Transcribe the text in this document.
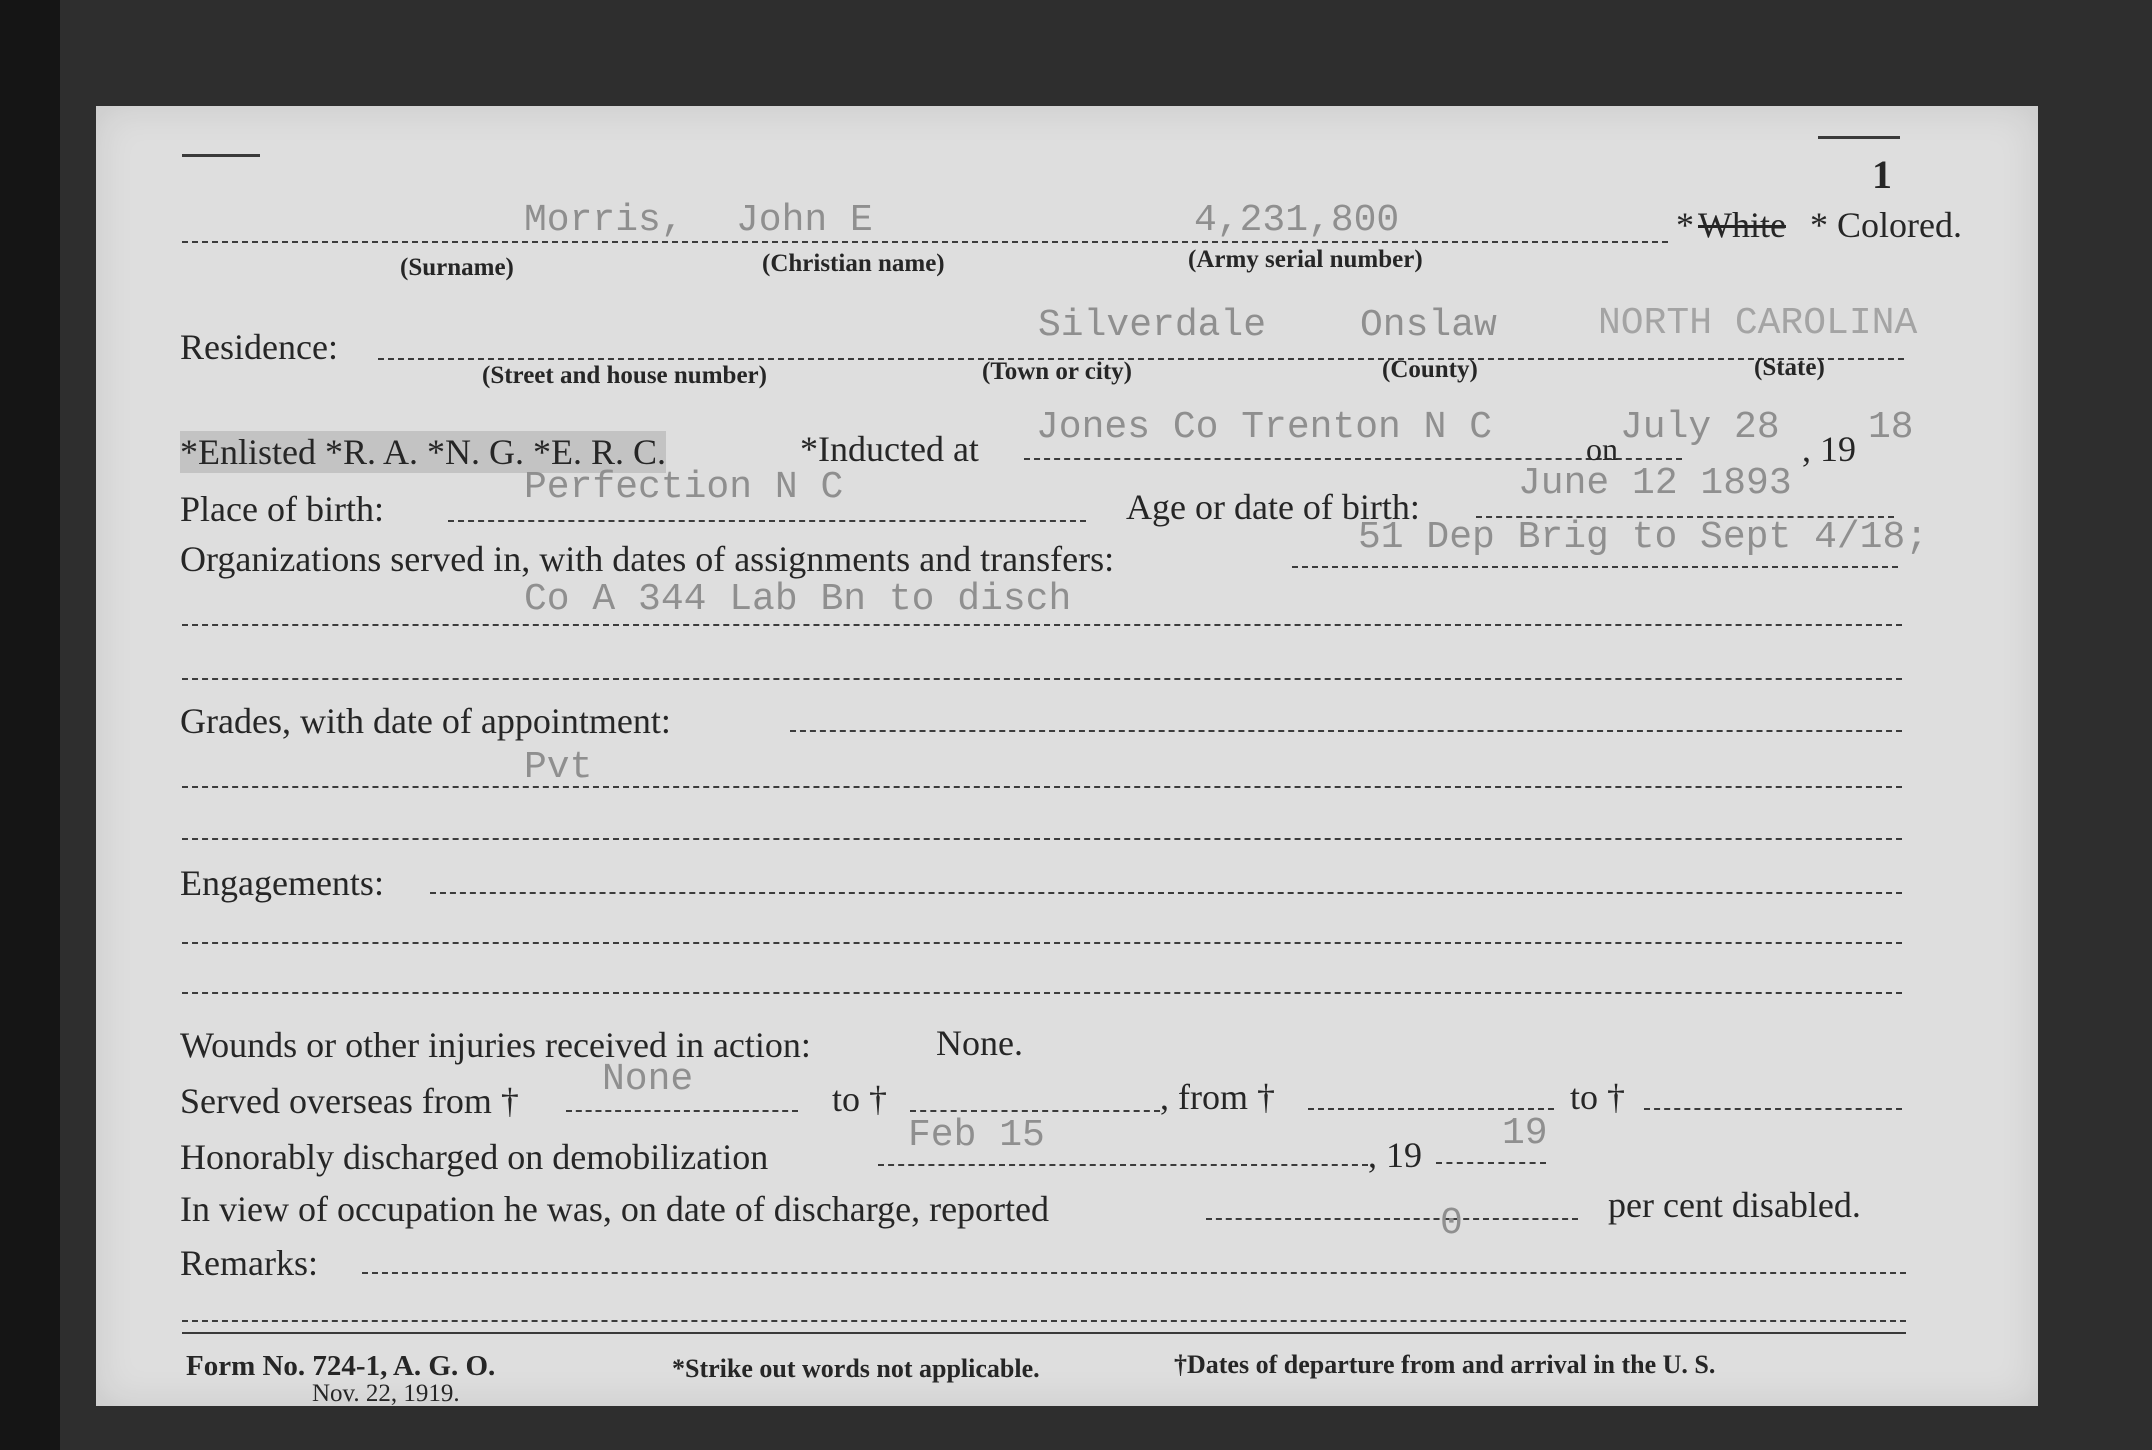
1
Morris, John E	4,231,800	* White * Colored.
(Surname)	(Christian name)	(Army serial number)
Residence:	Silverdale Onslaw	NORTH CAROLINA
(Street and house number)	(Town or city)	(County)	(State)
*Enlisted *R. A. *N. G. *E. R. C.	*Inducted at Jones Co Trenton N C	on July 28 , 19 18
Place of birth:	Perfection N C	Age or date of birth:
June 12 1893
Organizations served in, with dates of assignments and transfers:	51 Dep Brig to Sept 4/18;
Co A 344 Lab Bn to disch
Grades, with date of appointment:
Pvt
Engagements:
Wounds or other injuries received in action:	None.
Served overseas from † None	to †	, from †	to †
Honorably discharged on demobilization	Feb 15	, 19 19
In view of occupation he was, on date of discharge, reported	0	per cent disabled.
Remarks:
Form No. 724-1, A. G. O.
Nov. 22, 1919.
*Strike out words not applicable.	†Dates of departure from and arrival in the U. S.
